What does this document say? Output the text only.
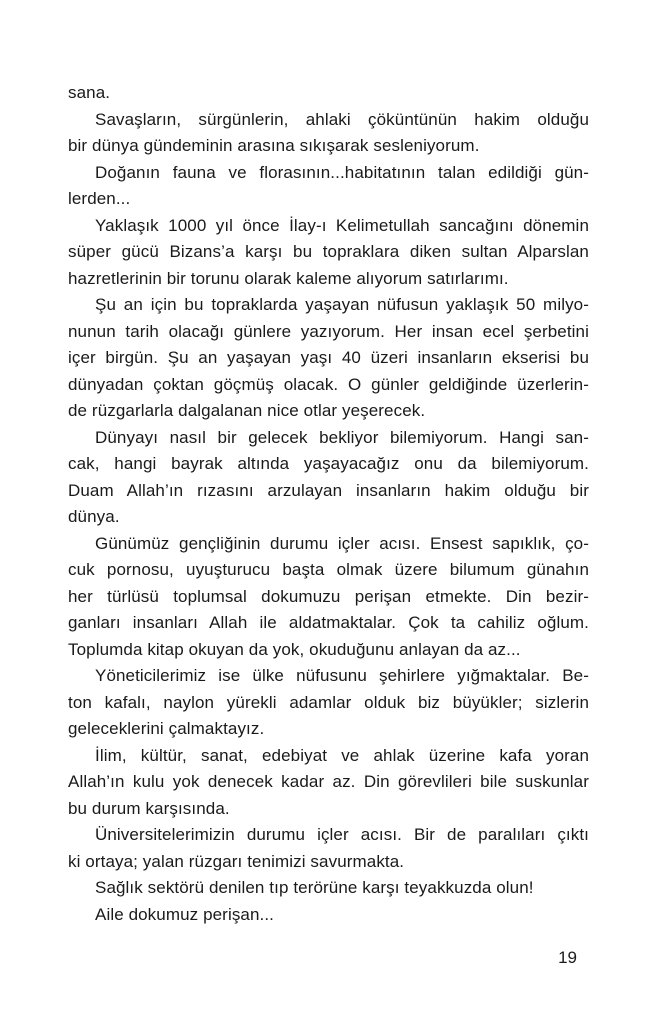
sana.
Savaşların, sürgünlerin, ahlaki çöküntünün hakim olduğu
bir dünya gündeminin arasına sıkışarak sesleniyorum.
Doğanın fauna ve florasının...habitatının talan edildiği gün-
lerden...
Yaklaşık 1000 yıl önce İlay-ı Kelimetullah sancağını dönemin
süper gücü Bizans’a karşı bu topraklara diken sultan Alparslan
hazretlerinin bir torunu olarak kaleme alıyorum satırlarımı.
Şu an için bu topraklarda yaşayan nüfusun yaklaşık 50 milyo-
nunun tarih olacağı günlere yazıyorum. Her insan ecel şerbetini
içer birgün. Şu an yaşayan yaşı 40 üzeri insanların ekserisi bu
dünyadan çoktan göçmüş olacak. O günler geldiğinde üzerlerin-
de rüzgarlarla dalgalanan nice otlar yeşerecek.
Dünyayı nasıl bir gelecek bekliyor bilemiyorum. Hangi san-
cak, hangi bayrak altında yaşayacağız onu da bilemiyorum.
Duam Allah’ın rızasını arzulayan insanların hakim olduğu bir
dünya.
Günümüz gençliğinin durumu içler acısı. Ensest sapıklık, ço-
cuk pornosu, uyuşturucu başta olmak üzere bilumum günahın
her türlüsü toplumsal dokumuzu perişan etmekte. Din bezir-
ganları insanları Allah ile aldatmaktalar. Çok ta cahiliz oğlum.
Toplumda kitap okuyan da yok, okuduğunu anlayan da az...
Yöneticilerimiz ise ülke nüfusunu şehirlere yığmaktalar. Be-
ton kafalı, naylon yürekli adamlar olduk biz büyükler; sizlerin
geleceklerini çalmaktayız.
İlim, kültür, sanat, edebiyat ve ahlak üzerine kafa yoran
Allah’ın kulu yok denecek kadar az. Din görevlileri bile suskunlar
bu durum karşısında.
Üniversitelerimizin durumu içler acısı. Bir de paralıları çıktı
ki ortaya; yalan rüzgarı tenimizi savurmakta.
Sağlık sektörü denilen tıp terörüne karşı teyakkuzda olun!
Aile dokumuz perişan...
19
